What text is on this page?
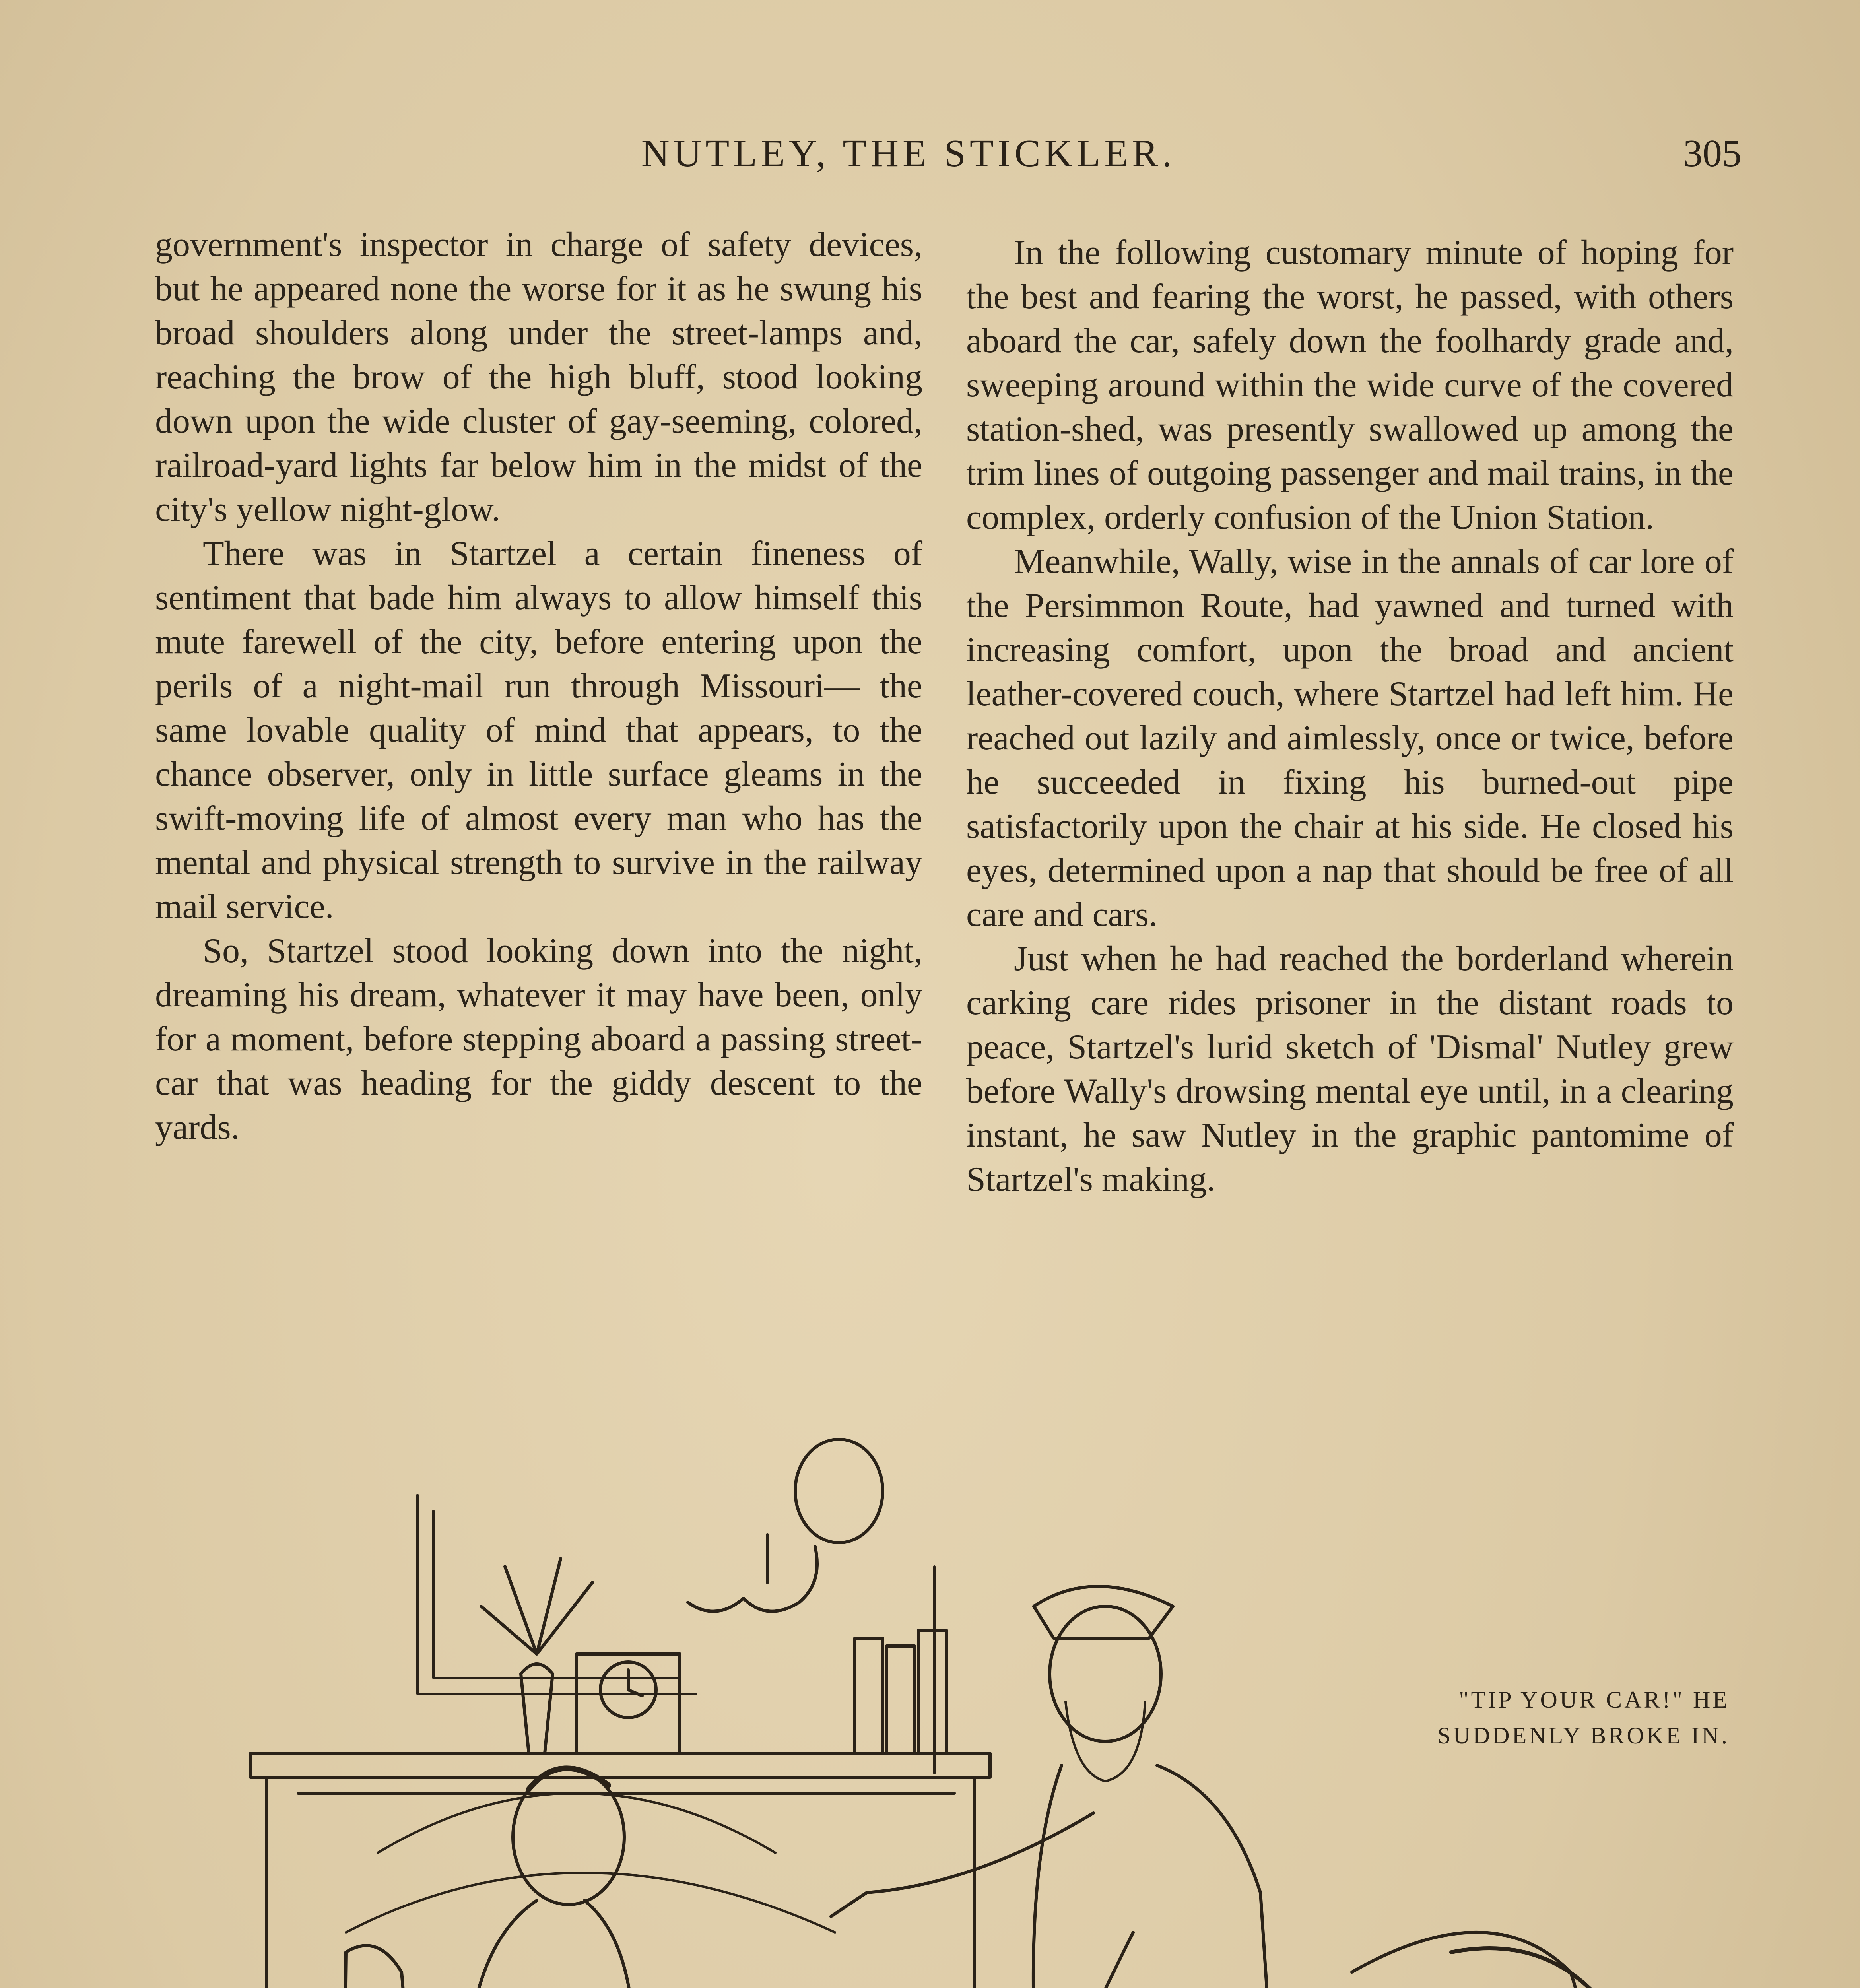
NUTLEY, THE STICKLER.	305

government's inspector in charge of safety devices, but he appeared none the worse for it as he swung his broad shoulders along under the street-lamps and, reaching the brow of the high bluff, stood looking down upon the wide cluster of gay-seeming, colored, railroad-yard lights far below him in the midst of the city's yellow night-glow.

There was in Startzel a certain fineness of sentiment that bade him always to allow himself this mute farewell of the city, before entering upon the perils of a night-mail run through Missouri— the same lovable quality of mind that appears, to the chance observer, only in little surface gleams in the swift-moving life of almost every man who has the mental and physical strength to survive in the railway mail service.

So, Startzel stood looking down into the night, dreaming his dream, whatever it may have been, only for a moment, before stepping aboard a passing street-car that was heading for the giddy descent to the yards.

In the following customary minute of hoping for the best and fearing the worst, he passed, with others aboard the car, safely down the foolhardy grade and, sweeping around within the wide curve of the covered station-shed, was presently swallowed up among the trim lines of outgoing passenger and mail trains, in the complex, orderly confusion of the Union Station.

Meanwhile, Wally, wise in the annals of car lore of the Persimmon Route, had yawned and turned with increasing comfort, upon the broad and ancient leather-covered couch, where Startzel had left him. He reached out lazily and aimlessly, once or twice, before he succeeded in fixing his burned-out pipe satisfactorily upon the chair at his side. He closed his eyes, determined upon a nap that should be free of all care and cars.

Just when he had reached the borderland wherein carking care rides prisoner in the distant roads to peace, Startzel's lurid sketch of 'Dismal' Nutley grew before Wally's drowsing mental eye until, in a clearing instant, he saw Nutley in the graphic pantomime of Startzel's making.

"TIP YOUR CAR!" HE
SUDDENLY BROKE IN.
